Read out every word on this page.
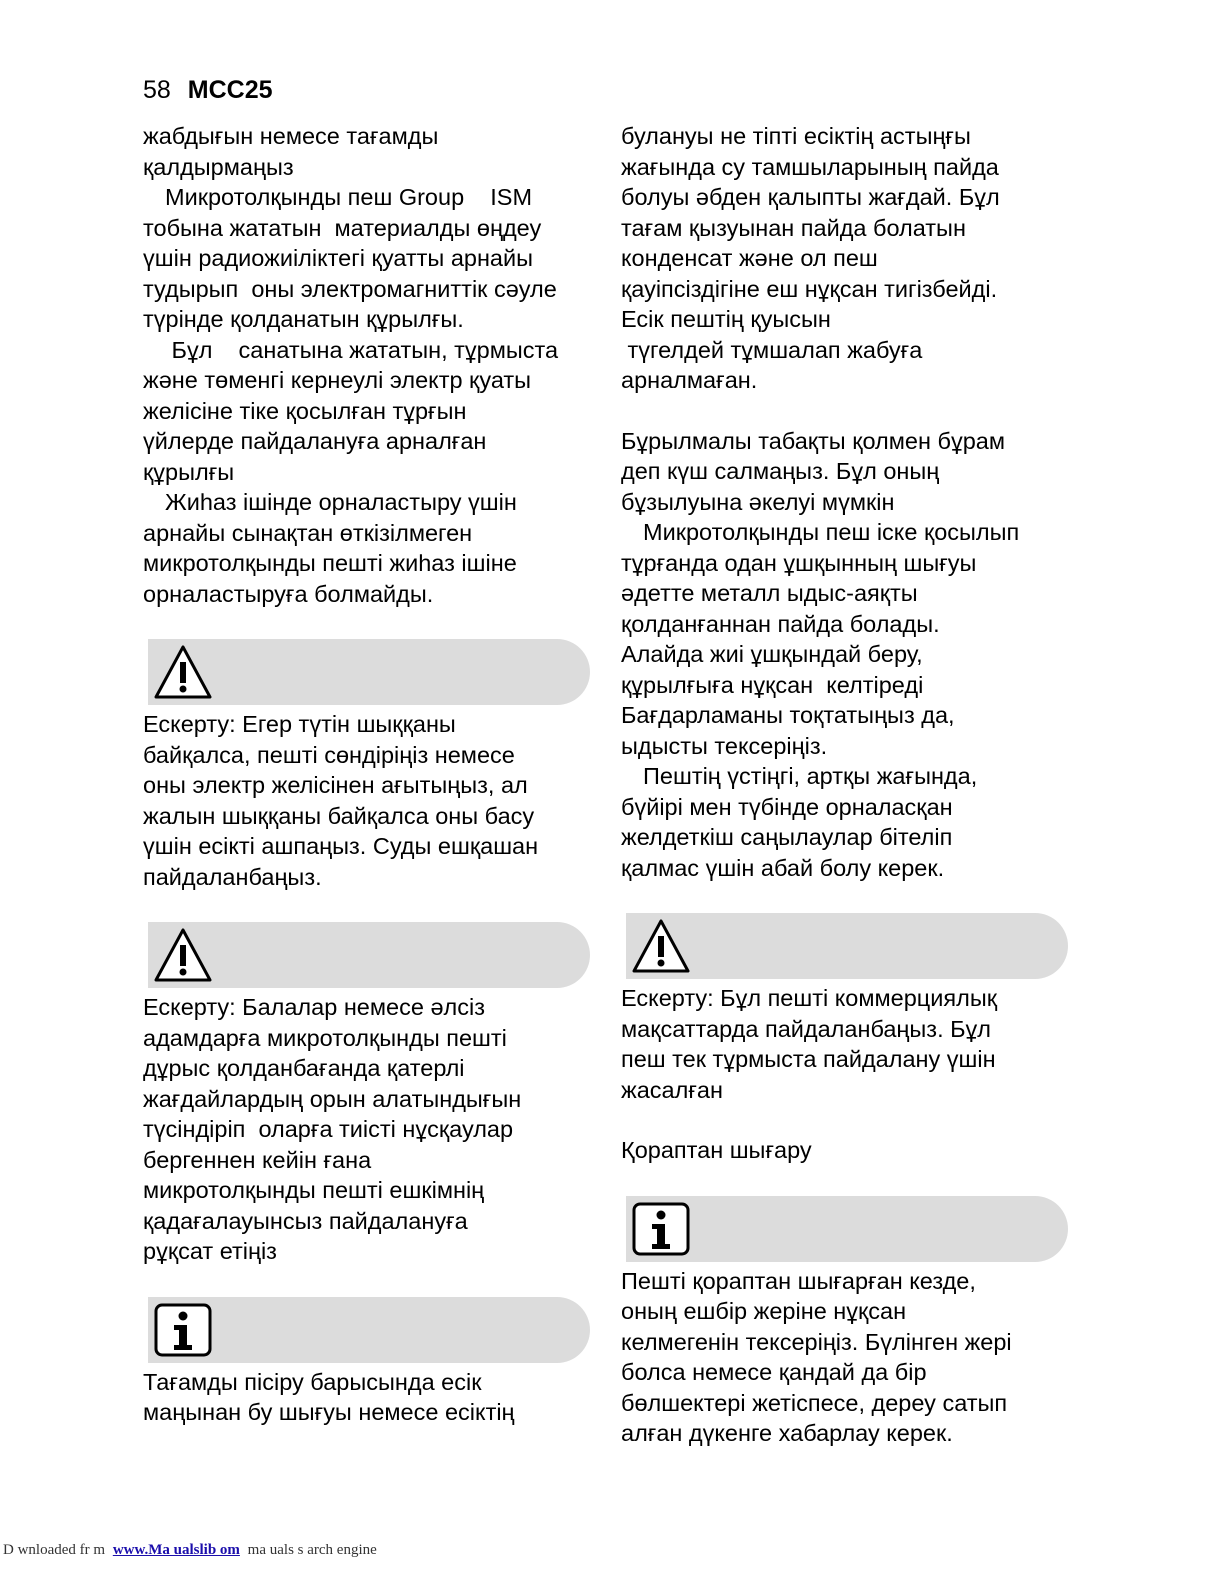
58 MCC25

жабдығын немесе тағамды
қалдырмаңыз

Микротолқынды пеш Group    ISM
тобына жататын  материалды өңдеу
үшін радиожиіліктегі қуатты арнайы
тудырып  оны электромагниттік сәуле
түрінде қолданатын құрылғы.

Бұл    санатына жататын, тұрмыста
және төменгі кернеулі электр қуаты
желісіне тіке қосылған тұрғын
үйлерде пайдалануға арналған
құрылғы

Жиһаз ішінде орналастыру үшін
арнайы сынақтан өткізілмеген
микротолқынды пешті жиһаз ішіне
орналастыруға болмайды.

Ескерту: Егер түтін шыққаны
байқалса, пешті сөндіріңіз немесе
оны электр желісінен ағытыңыз, ал
жалын шыққаны байқалса оны басу
үшін есікті ашпаңыз. Суды ешқашан
пайдаланбаңыз.

Ескерту: Балалар немесе әлсіз
адамдарға микротолқынды пешті
дұрыс қолданбағанда қатерлі
жағдайлардың орын алатындығын
түсіндіріп  оларға тиісті нұсқаулар
бергеннен кейін ғана
микротолқынды пешті ешкімнің
қадағалауынсыз пайдалануға
рұқсат етіңіз

Тағамды пісіру барысында есік
маңынан бу шығуы немесе есіктің

булануы не тіпті есіктің астыңғы
жағында су тамшыларының пайда
болуы әбден қалыпты жағдай. Бұл
тағам қызуынан пайда болатын
конденсат және ол пеш
қауіпсіздігіне еш нұқсан тигізбейді.
Есік пештің қуысын
түгелдей тұмшалап жабуға
арналмаған.

Бұрылмалы табақты қолмен бұрам
деп күш салмаңыз. Бұл оның
бұзылуына әкелуі мүмкін

Микротолқынды пеш іске қосылып
тұрғанда одан ұшқынның шығуы
әдетте металл ыдыс-аяқты
қолданғаннан пайда болады.
Алайда жиі ұшқындай беру,
құрылғыға нұқсан  келтіреді
Бағдарламаны тоқтатыңыз да,
ыдысты тексеріңіз.

Пештің үстіңгі, артқы жағында,
бүйірі мен түбінде орналасқан
желдеткіш саңылаулар бітеліп
қалмас үшін абай болу керек.

Ескерту: Бұл пешті коммерциялық
мақсаттарда пайдаланбаңыз. Бұл
пеш тек тұрмыста пайдалану үшін
жасалған

Қораптан шығару

Пешті қораптан шығарған кезде,
оның ешбір жеріне нұқсан
келмегенін тексеріңіз. Бүлінген жері
болса немесе қандай да бір
бөлшектері жетіспесе, дереу сатып
алған дүкенге хабарлау керек.

D wnloaded fr m www.Ma ualslib om ma uals s arch engine
